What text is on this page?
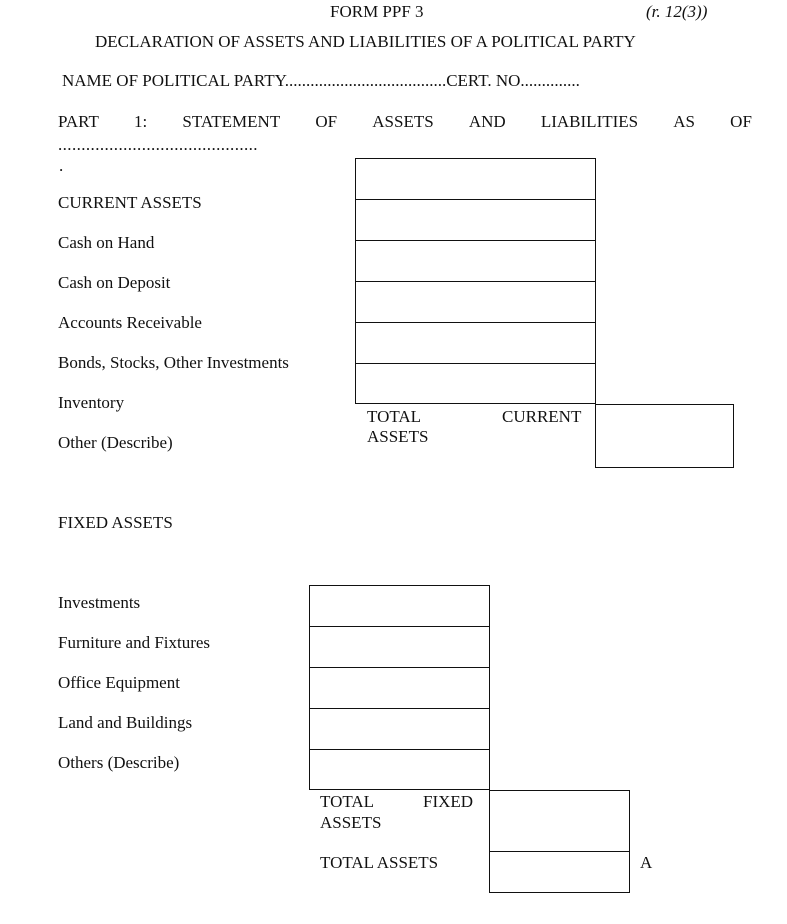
FORM PPF 3	(r. 12(3))
DECLARATION OF ASSETS AND LIABILITIES OF A POLITICAL PARTY
NAME OF POLITICAL PARTY......................................CERT. NO..............
PART 1: STATEMENT OF ASSETS AND LIABILITIES AS OF
...........................................
.
CURRENT ASSETS
Cash on Hand
Cash on Deposit
Accounts Receivable
Bonds, Stocks, Other Investments
Inventory
Other (Describe)
TOTAL	CURRENT
ASSETS
FIXED ASSETS
Investments
Furniture and Fixtures
Office Equipment
Land and Buildings
Others (Describe)
TOTAL	FIXED
ASSETS
TOTAL ASSETS	A
